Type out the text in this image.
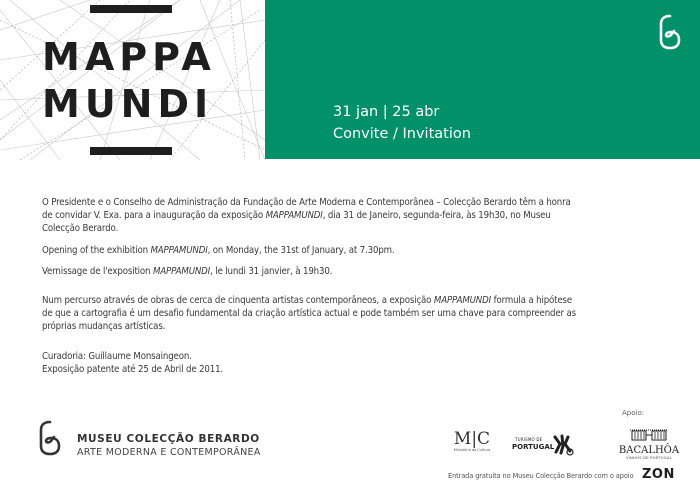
MAPPA
MUNDI	31 jan | 25 abr
Convite / Invitation

O Presidente e o Conselho de Administração da Fundação de Arte Moderna e Contemporânea – Colecção Berardo têm a honra de convidar V. Exa. para a inauguração da exposição MAPPAMUNDI, dia 31 de Janeiro, segunda-feira, às 19h30, no Museu Colecção Berardo.

Opening of the exhibition MAPPAMUNDI, on Monday, the 31st of January, at 7.30pm.

Vernissage de l'exposition MAPPAMUNDI, le lundi 31 janvier, à 19h30.

Num percurso através de obras de cerca de cinquenta artistas contemporâneos, a exposição MAPPAMUNDI formula a hipótese de que a cartografia é um desafio fundamental da criação artística actual e pode também ser uma chave para compreender as próprias mudanças artísticas.

Curadoria: Guillaume Monsaingeon.

Exposição patente até 25 de Abril de 2011.

MUSEU COLECÇÃO BERARDO
ARTE MODERNA E CONTEMPORÂNEA
M|C
Ministério da Cultura
TURISMO DE
PORTUGAL
Apoio:
BACALHÔA
VINHOS DE PORTUGAL
Entrada gratuita no Museu Colecção Berardo com o apoio ZON
